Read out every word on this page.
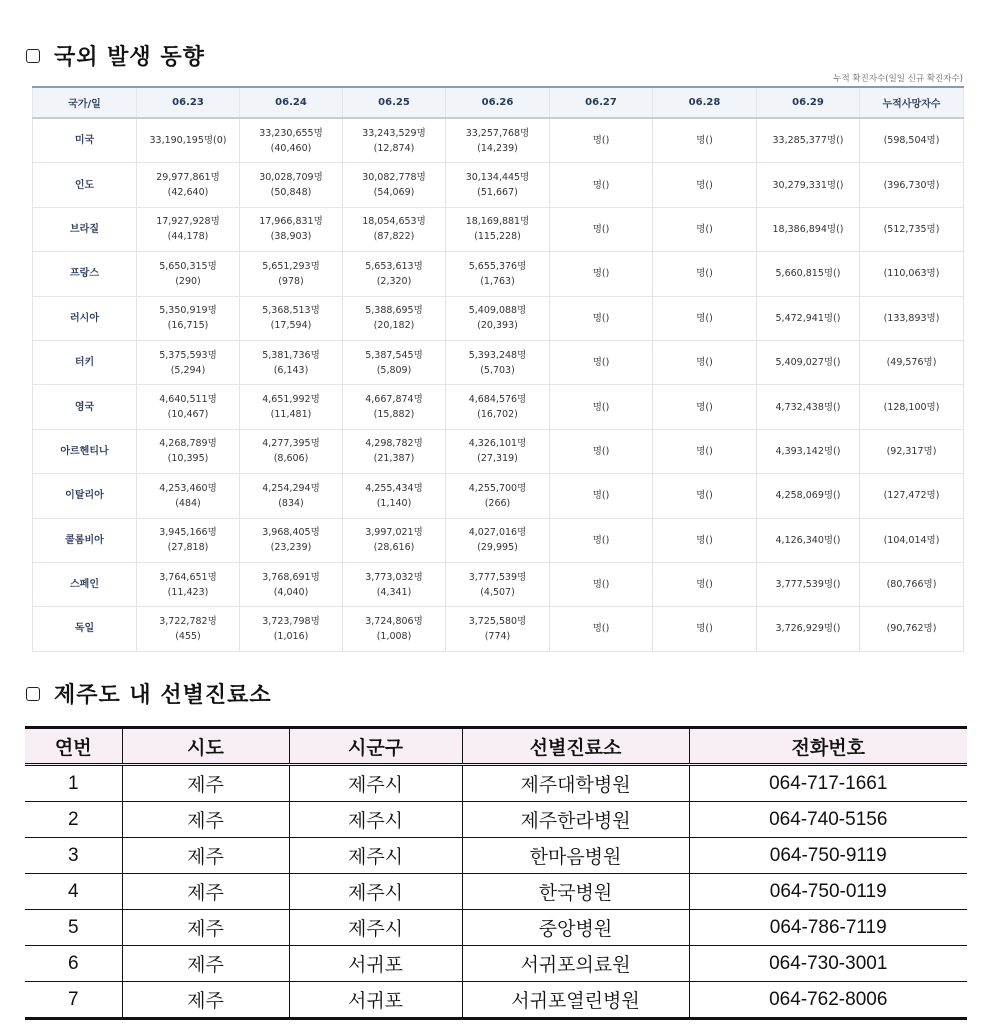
국외 발생 동향
누적 확진자수(일일 신규 확진자수)
국가/일	06.23	06.24	06.25	06.26	06.27	06.28	06.29	누적사망자수
미국	33,190,195명(0)	33,230,655명
(40,460)	33,243,529명
(12,874)	33,257,768명
(14,239)	명()	명()	33,285,377명()	(598,504명)
인도	29,977,861명
(42,640)	30,028,709명
(50,848)	30,082,778명
(54,069)	30,134,445명
(51,667)	명()	명()	30,279,331명()	(396,730명)
브라질	17,927,928명
(44,178)	17,966,831명
(38,903)	18,054,653명
(87,822)	18,169,881명
(115,228)	명()	명()	18,386,894명()	(512,735명)
프랑스	5,650,315명
(290)	5,651,293명
(978)	5,653,613명
(2,320)	5,655,376명
(1,763)	명()	명()	5,660,815명()	(110,063명)
러시아	5,350,919명
(16,715)	5,368,513명
(17,594)	5,388,695명
(20,182)	5,409,088명
(20,393)	명()	명()	5,472,941명()	(133,893명)
터키	5,375,593명
(5,294)	5,381,736명
(6,143)	5,387,545명
(5,809)	5,393,248명
(5,703)	명()	명()	5,409,027명()	(49,576명)
영국	4,640,511명
(10,467)	4,651,992명
(11,481)	4,667,874명
(15,882)	4,684,576명
(16,702)	명()	명()	4,732,438명()	(128,100명)
아르헨티나	4,268,789명
(10,395)	4,277,395명
(8,606)	4,298,782명
(21,387)	4,326,101명
(27,319)	명()	명()	4,393,142명()	(92,317명)
이탈리아	4,253,460명
(484)	4,254,294명
(834)	4,255,434명
(1,140)	4,255,700명
(266)	명()	명()	4,258,069명()	(127,472명)
콜롬비아	3,945,166명
(27,818)	3,968,405명
(23,239)	3,997,021명
(28,616)	4,027,016명
(29,995)	명()	명()	4,126,340명()	(104,014명)
스페인	3,764,651명
(11,423)	3,768,691명
(4,040)	3,773,032명
(4,341)	3,777,539명
(4,507)	명()	명()	3,777,539명()	(80,766명)
독일	3,722,782명
(455)	3,723,798명
(1,016)	3,724,806명
(1,008)	3,725,580명
(774)	명()	명()	3,726,929명()	(90,762명)
제주도 내 선별진료소
연번	시도	시군구	선별진료소	전화번호
1	제주	제주시	제주대학병원	064-717-1661
2	제주	제주시	제주한라병원	064-740-5156
3	제주	제주시	한마음병원	064-750-9119
4	제주	제주시	한국병원	064-750-0119
5	제주	제주시	중앙병원	064-786-7119
6	제주	서귀포	서귀포의료원	064-730-3001
7	제주	서귀포	서귀포열린병원	064-762-8006
